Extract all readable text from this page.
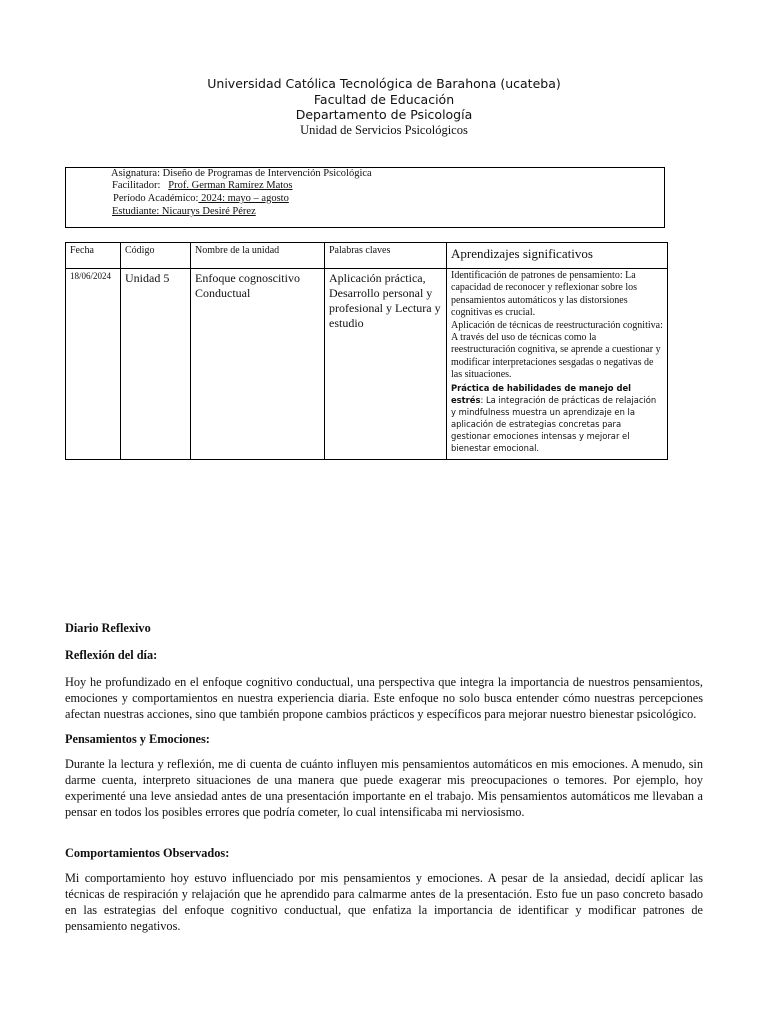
Universidad Católica Tecnológica de Barahona (ucateba)
Facultad de Educación
Departamento de Psicología
Unidad de Servicios Psicológicos
Asignatura: Diseño de Programas de Intervención Psicológica
Facilitador: Prof. German Ramírez Matos
Período Académico: 2024: mayo – agosto
Estudiante: Nicaurys Desiré Pérez
Fecha	Código	Nombre de la unidad	Palabras claves	Aprendizajes significativos
18/06/2024	Unidad 5	Enfoque cognoscitivo Conductual	Aplicación práctica, Desarrollo personal y profesional y Lectura y estudio	Identificación de patrones de pensamiento: La capacidad de reconocer y reflexionar sobre los pensamientos automáticos y las distorsiones cognitivas es crucial.
Aplicación de técnicas de reestructuración cognitiva: A través del uso de técnicas como la reestructuración cognitiva, se aprende a cuestionar y modificar interpretaciones sesgadas o negativas de las situaciones.
Práctica de habilidades de manejo del estrés: La integración de prácticas de relajación y mindfulness muestra un aprendizaje en la aplicación de estrategias concretas para gestionar emociones intensas y mejorar el bienestar emocional.
Diario Reflexivo
Reflexión del día:

Hoy he profundizado en el enfoque cognitivo conductual, una perspectiva que integra la importancia de nuestros pensamientos, emociones y comportamientos en nuestra experiencia diaria. Este enfoque no solo busca entender cómo nuestras percepciones afectan nuestras acciones, sino que también propone cambios prácticos y específicos para mejorar nuestro bienestar psicológico.

Pensamientos y Emociones:

Durante la lectura y reflexión, me di cuenta de cuánto influyen mis pensamientos automáticos en mis emociones. A menudo, sin darme cuenta, interpreto situaciones de una manera que puede exagerar mis preocupaciones o temores. Por ejemplo, hoy experimenté una leve ansiedad antes de una presentación importante en el trabajo. Mis pensamientos automáticos me llevaban a pensar en todos los posibles errores que podría cometer, lo cual intensificaba mi nerviosismo.

Comportamientos Observados:

Mi comportamiento hoy estuvo influenciado por mis pensamientos y emociones. A pesar de la ansiedad, decidí aplicar las técnicas de respiración y relajación que he aprendido para calmarme antes de la presentación. Esto fue un paso concreto basado en las estrategias del enfoque cognitivo conductual, que enfatiza la importancia de identificar y modificar patrones de pensamiento negativos.
